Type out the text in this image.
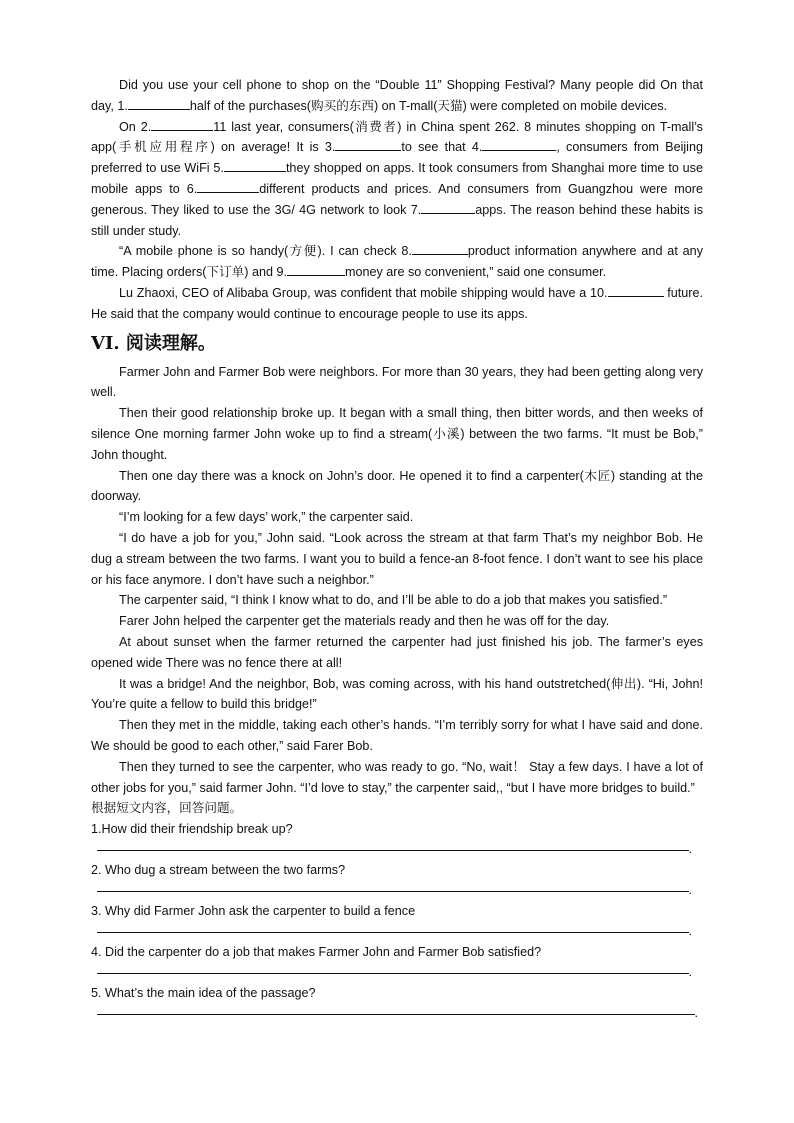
Did you use your cell phone to shop on the “Double 11” Shopping Festival? Many people did On that day, 1.	half of the purchases(购买的东西) on T-mall(天猫) were completed on mobile devices.

On 2.	11 last year, consumers(消费者) in China spent 262. 8 minutes shopping on T-mall’s app(手机应用程序) on average! It is 3.	to see that 4.	, consumers from Beijing preferred to use WiFi 5.	they shopped on apps. It took consumers from Shanghai more time to use mobile apps to 6.	different products and prices. And consumers from Guangzhou were more generous. They liked to use the 3G/ 4G network to look 7.	apps. The reason behind these habits is still under study.

“A mobile phone is so handy(方便). I can check 8.	product information anywhere and at any time. Placing orders(下订单) and 9.	money are so convenient,” said one consumer.

Lu Zhaoxi, CEO of Alibaba Group, was confident that mobile shipping would have a 10.	future. He said that the company would continue to encourage people to use its apps.

VI. 阅读理解。

Farmer John and Farmer Bob were neighbors. For more than 30 years, they had been getting along very well.

Then their good relationship broke up. It began with a small thing, then bitter words, and then weeks of silence One morning farmer John woke up to find a stream(小溪) between the two farms. “It must be Bob,” John thought.

Then one day there was a knock on John’s door. He opened it to find a carpenter(木匠) standing at the doorway.

“I’m looking for a few days’ work,” the carpenter said.

“I do have a job for you,” John said. “Look across the stream at that farm That’s my neighbor Bob. He dug a stream between the two farms. I want you to build a fence-an 8-foot fence. I don’t want to see his place or his face anymore. I don’t have such a neighbor.”

The carpenter said, “I think I know what to do, and I’ll be able to do a job that makes you satisfied.”

Farer John helped the carpenter get the materials ready and then he was off for the day.

At about sunset when the farmer returned the carpenter had just finished his job. The farmer’s eyes opened wide There was no fence there at all!

It was a bridge! And the neighbor, Bob, was coming across, with his hand outstretched(伸出). “Hi, John! You’re quite a fellow to build this bridge!”

Then they met in the middle, taking each other’s hands. “I’m terribly sorry for what I have said and done. We should be good to each other,” said Farer Bob.

Then they turned to see the carpenter, who was ready to go. “No, wait！ Stay a few days. I have a lot of other jobs for you,” said farmer John. “I’d love to stay,” the carpenter said,, “but I have more bridges to build.”

根据短文内容，回答问题。

1.How did their friendship break up?

.

2. Who dug a stream between the two farms?

.

3. Why did Farmer John ask the carpenter to build a fence

.

4. Did the carpenter do a job that makes Farmer John and Farmer Bob satisfied?

.

5. What’s the main idea of the passage?

.
